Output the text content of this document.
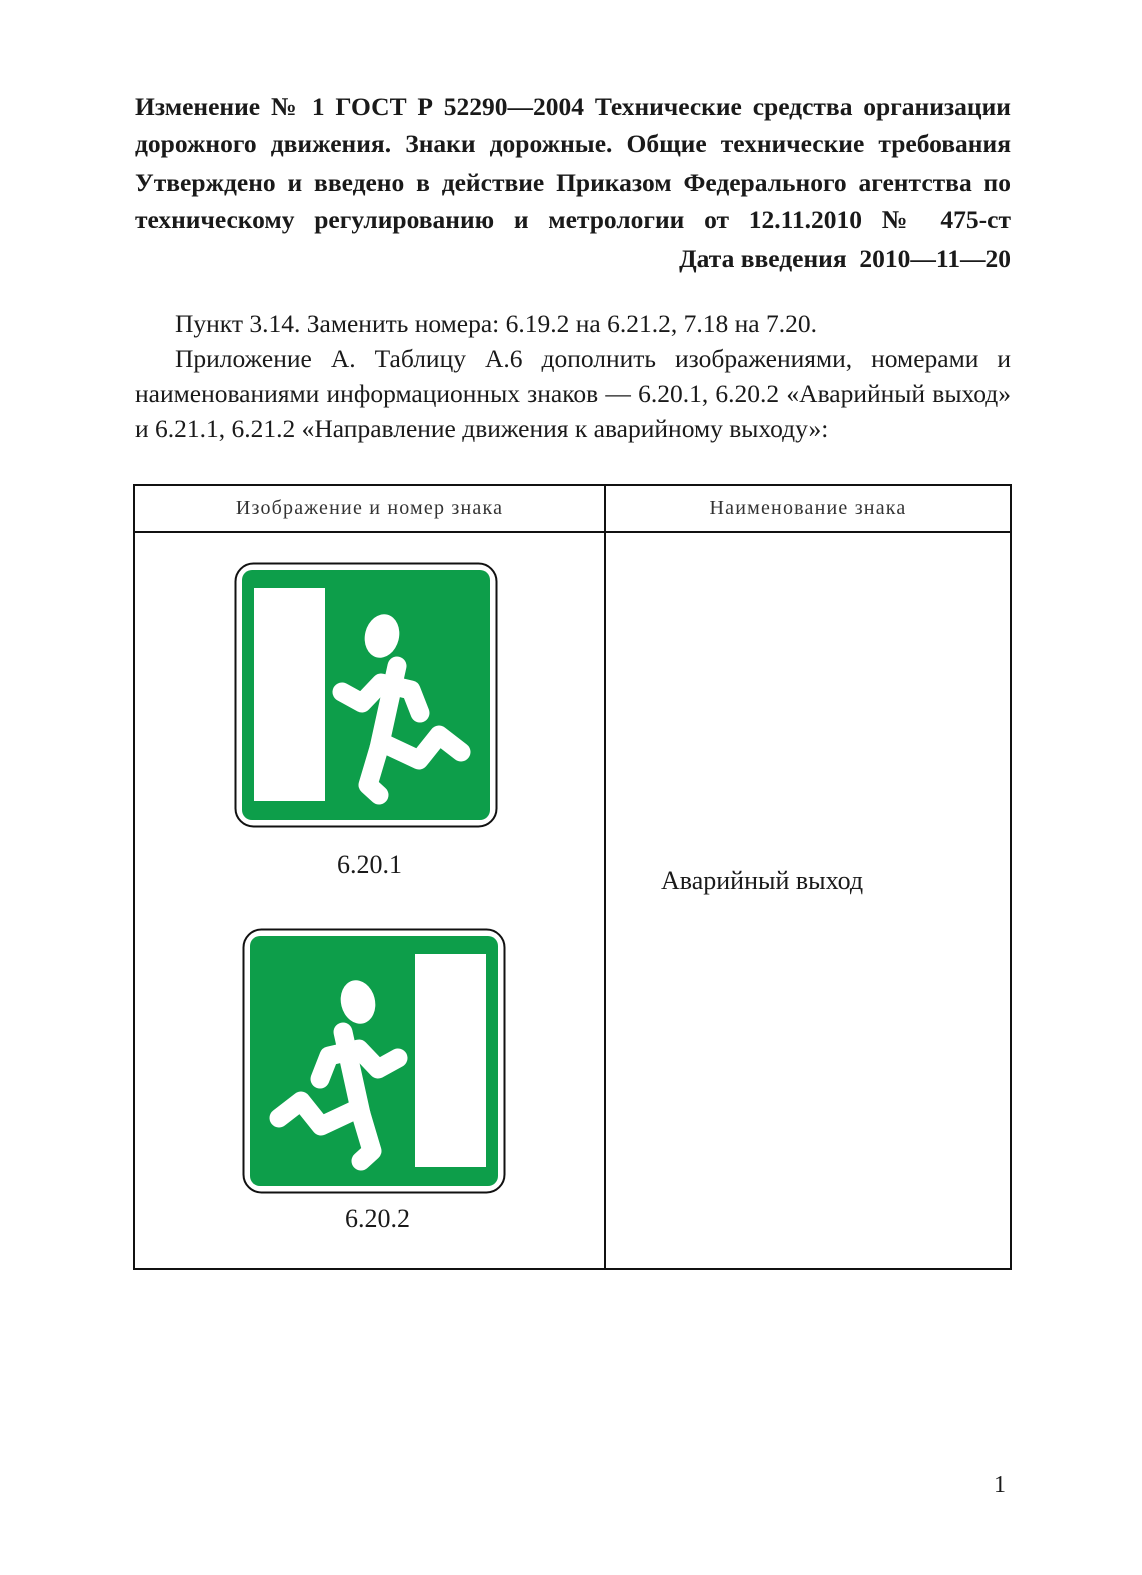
Изменение № 1 ГОСТ Р 52290—2004 Технические средства организации дорожного движения. Знаки дорожные. Общие технические требования
Утверждено и введено в действие Приказом Федерального агентства по техническому регулированию и метрологии от 12.11.2010 № 475-ст
Дата введения  2010—11—20
Пункт 3.14. Заменить номера: 6.19.2 на 6.21.2, 7.18 на 7.20.
Приложение А. Таблицу А.6 дополнить изображениями, номерами и наименованиями информационных знаков — 6.20.1, 6.20.2 «Аварийный выход» и 6.21.1, 6.21.2 «Направление движения к аварийному выходу»:
Изображение и номер знака	Наименование знака
6.20.1
6.20.2
Аварийный выход
1
